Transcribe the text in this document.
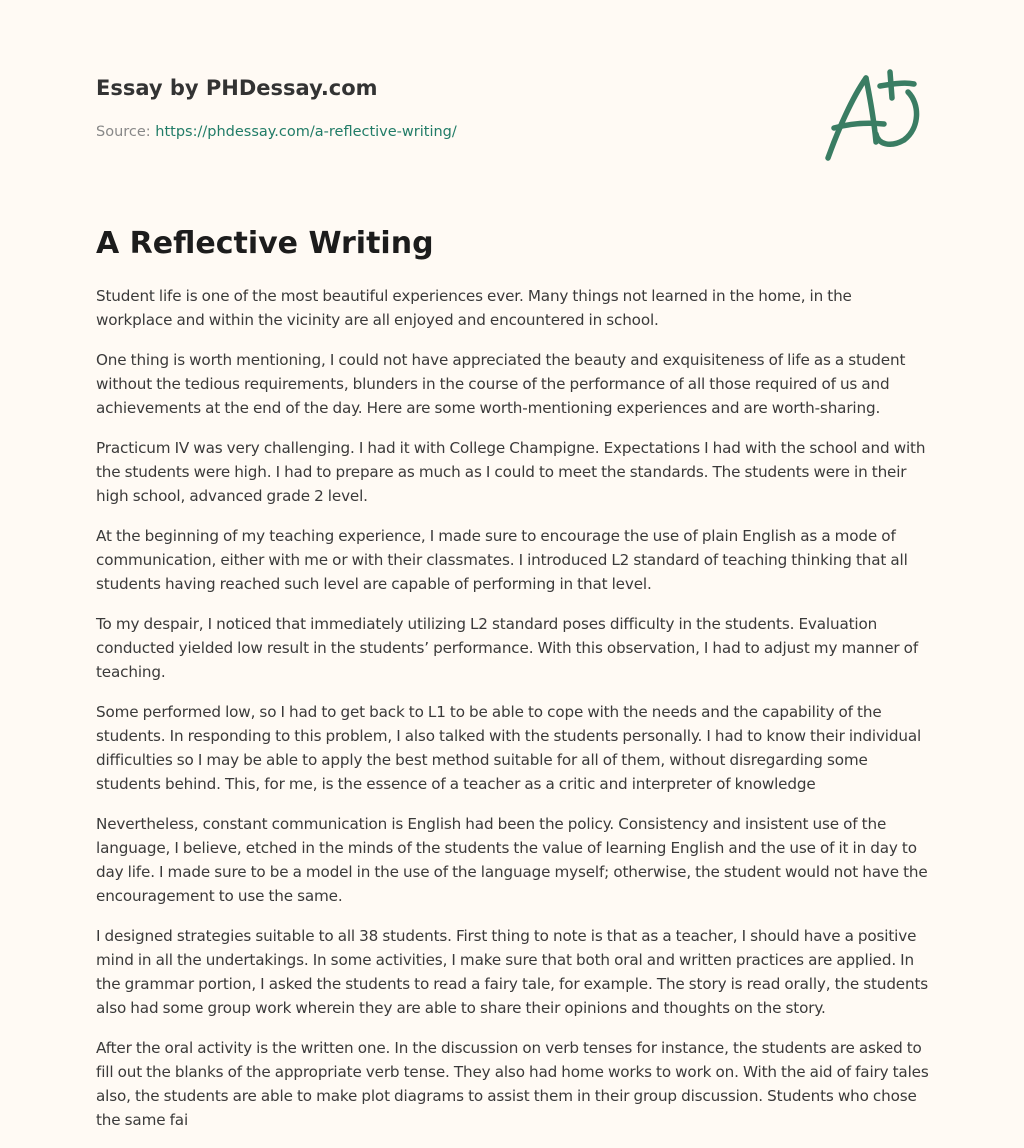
Essay by PHDessay.com
Source: https://phdessay.com/a-reflective-writing/
A Reflective Writing

Student life is one of the most beautiful experiences ever. Many things not learned in the home, in the workplace and within the vicinity are all enjoyed and encountered in school.

One thing is worth mentioning, I could not have appreciated the beauty and exquisiteness of life as a student without the tedious requirements, blunders in the course of the performance of all those required of us and achievements at the end of the day. Here are some worth-mentioning experiences and are worth-sharing.

Practicum IV was very challenging. I had it with College Champigne. Expectations I had with the school and with the students were high. I had to prepare as much as I could to meet the standards. The students were in their high school, advanced grade 2 level.

At the beginning of my teaching experience, I made sure to encourage the use of plain English as a mode of communication, either with me or with their classmates. I introduced L2 standard of teaching thinking that all students having reached such level are capable of performing in that level.

To my despair, I noticed that immediately utilizing L2 standard poses difficulty in the students. Evaluation conducted yielded low result in the students’ performance. With this observation, I had to adjust my manner of teaching.

Some performed low, so I had to get back to L1 to be able to cope with the needs and the capability of the students. In responding to this problem, I also talked with the students personally. I had to know their individual difficulties so I may be able to apply the best method suitable for all of them, without disregarding some students behind. This, for me, is the essence of a teacher as a critic and interpreter of knowledge

Nevertheless, constant communication is English had been the policy. Consistency and insistent use of the language, I believe, etched in the minds of the students the value of learning English and the use of it in day to day life. I made sure to be a model in the use of the language myself; otherwise, the student would not have the encouragement to use the same.

I designed strategies suitable to all 38 students. First thing to note is that as a teacher, I should have a positive mind in all the undertakings. In some activities, I make sure that both oral and written practices are applied. In the grammar portion, I asked the students to read a fairy tale, for example. The story is read orally, the students also had some group work wherein they are able to share their opinions and thoughts on the story.

After the oral activity is the written one. In the discussion on verb tenses for instance, the students are asked to fill out the blanks of the appropriate verb tense. They also had home works to work on. With the aid of fairy tales also, the students are able to make plot diagrams to assist them in their group discussion. Students who chose the same fai
